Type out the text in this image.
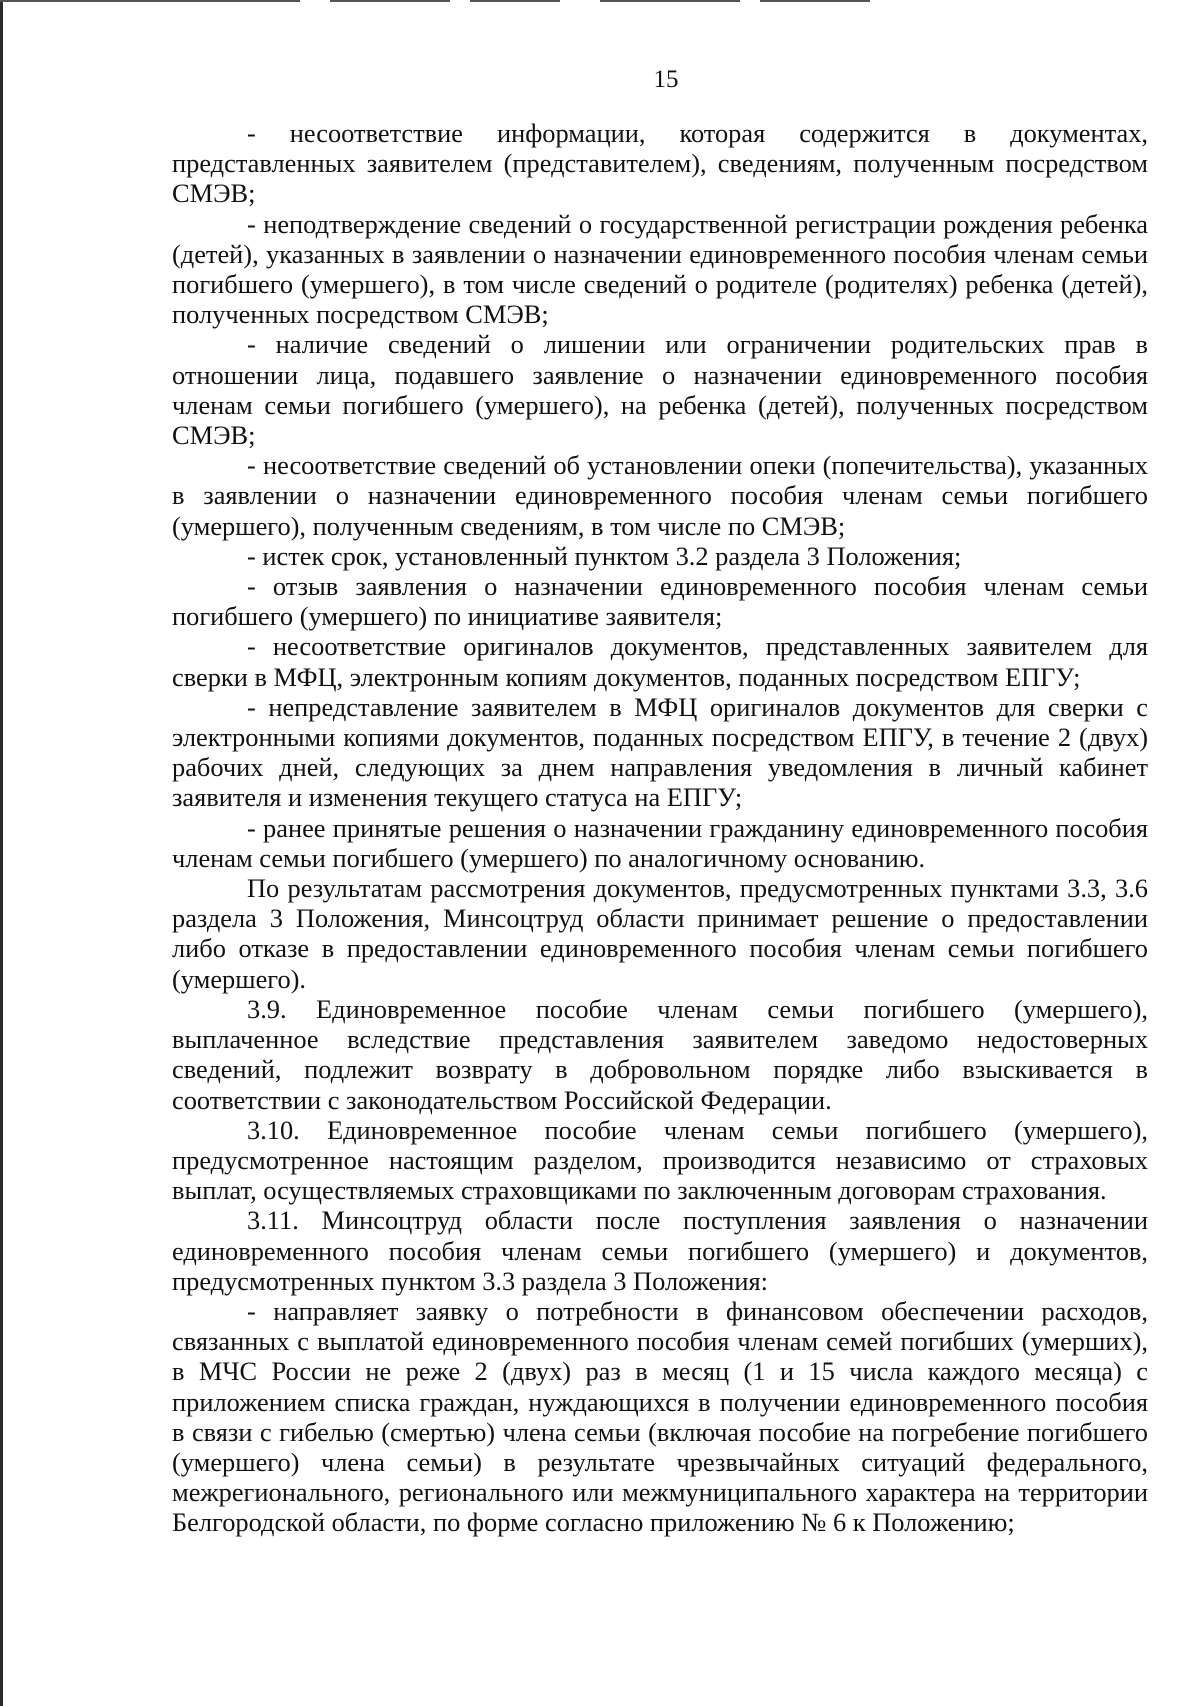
15

- несоответствие информации, которая содержится в документах, представленных заявителем (представителем), сведениям, полученным посредством СМЭВ;

- неподтверждение сведений о государственной регистрации рождения ребенка (детей), указанных в заявлении о назначении единовременного пособия членам семьи погибшего (умершего), в том числе сведений о родителе (родителях) ребенка (детей), полученных посредством СМЭВ;

- наличие сведений о лишении или ограничении родительских прав в отношении лица, подавшего заявление о назначении единовременного пособия членам семьи погибшего (умершего), на ребенка (детей), полученных посредством СМЭВ;

- несоответствие сведений об установлении опеки (попечительства), указанных в заявлении о назначении единовременного пособия членам семьи погибшего (умершего), полученным сведениям, в том числе по СМЭВ;

- истек срок, установленный пунктом 3.2 раздела 3 Положения;

- отзыв заявления о назначении единовременного пособия членам семьи погибшего (умершего) по инициативе заявителя;

- несоответствие оригиналов документов, представленных заявителем для сверки в МФЦ, электронным копиям документов, поданных посредством ЕПГУ;

- непредставление заявителем в МФЦ оригиналов документов для сверки с электронными копиями документов, поданных посредством ЕПГУ, в течение 2 (двух) рабочих дней, следующих за днем направления уведомления в личный кабинет заявителя и изменения текущего статуса на ЕПГУ;

- ранее принятые решения о назначении гражданину единовременного пособия членам семьи погибшего (умершего) по аналогичному основанию.

По результатам рассмотрения документов, предусмотренных пунктами 3.3, 3.6 раздела 3 Положения, Минсоцтруд области принимает решение о предоставлении либо отказе в предоставлении единовременного пособия членам семьи погибшего (умершего).

3.9. Единовременное пособие членам семьи погибшего (умершего), выплаченное вследствие представления заявителем заведомо недостоверных сведений, подлежит возврату в добровольном порядке либо взыскивается в соответствии с законодательством Российской Федерации.

3.10. Единовременное пособие членам семьи погибшего (умершего), предусмотренное настоящим разделом, производится независимо от страховых выплат, осуществляемых страховщиками по заключенным договорам страхования.

3.11. Минсоцтруд области после поступления заявления о назначении единовременного пособия членам семьи погибшего (умершего) и документов, предусмотренных пунктом 3.3 раздела 3 Положения:

- направляет заявку о потребности в финансовом обеспечении расходов, связанных с выплатой единовременного пособия членам семей погибших (умерших), в МЧС России не реже 2 (двух) раз в месяц (1 и 15 числа каждого месяца) с приложением списка граждан, нуждающихся в получении единовременного пособия в связи с гибелью (смертью) члена семьи (включая пособие на погребение погибшего (умершего) члена семьи) в результате чрезвычайных ситуаций федерального, межрегионального, регионального или межмуниципального характера на территории Белгородской области, по форме согласно приложению № 6 к Положению;
